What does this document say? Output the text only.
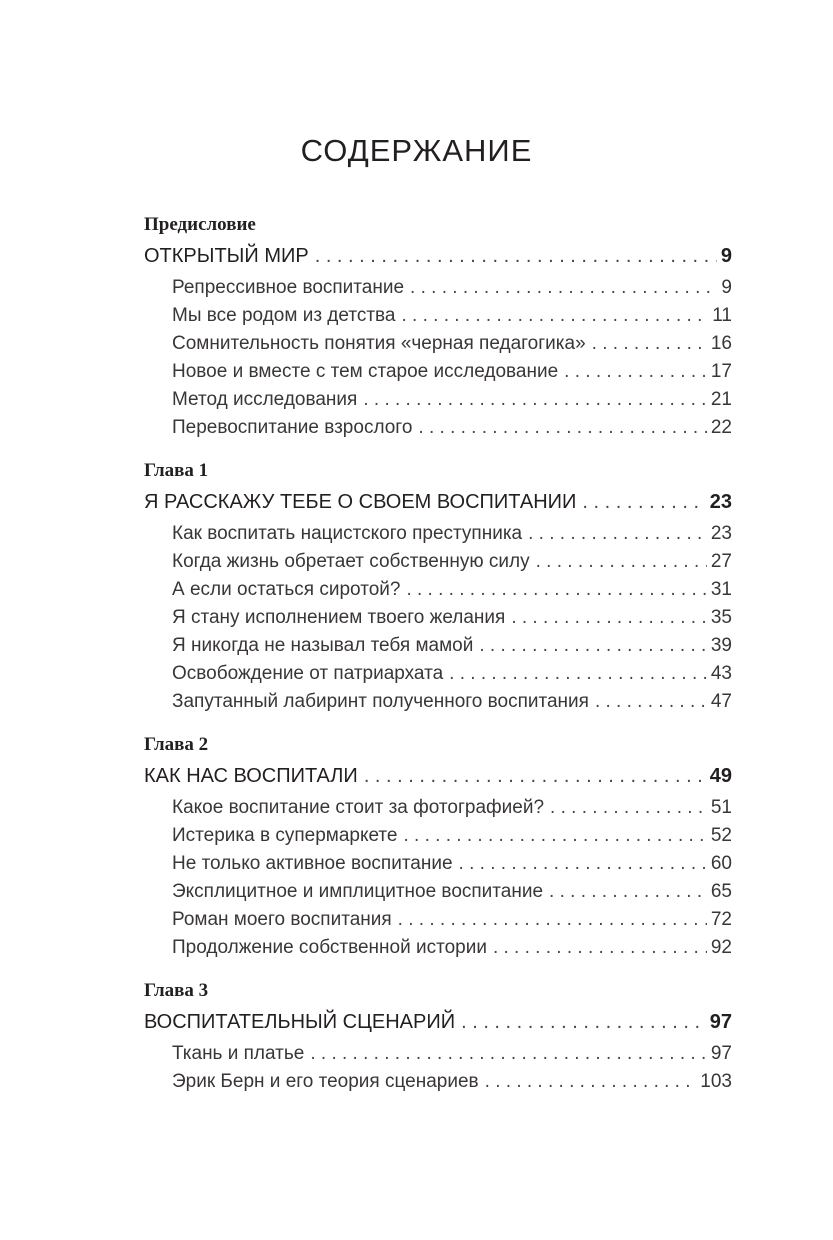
СОДЕРЖАНИЕ
Предисловие
ОТКРЫТЫЙ МИР . . .	9
Репрессивное воспитание . . .	9
Мы все родом из детства . . .	11
Сомнительность понятия «черная педагогика» . . .	16
Новое и вместе с тем старое исследование . . .	17
Метод исследования . . .	21
Перевоспитание взрослого . . .	22
Глава 1
Я РАССКАЖУ ТЕБЕ О СВОЕМ ВОСПИТАНИИ . . .	23
Как воспитать нацистского преступника . . .	23
Когда жизнь обретает собственную силу . . .	27
А если остаться сиротой? . . .	31
Я стану исполнением твоего желания . . .	35
Я никогда не называл тебя мамой . . .	39
Освобождение от патриархата . . .	43
Запутанный лабиринт полученного воспитания . . .	47
Глава 2
КАК НАС ВОСПИТАЛИ . . .	49
Какое воспитание стоит за фотографией? . . .	51
Истерика в супермаркете . . .	52
Не только активное воспитание . . .	60
Эксплицитное и имплицитное воспитание . . .	65
Роман моего воспитания . . .	72
Продолжение собственной истории . . .	92
Глава 3
ВОСПИТАТЕЛЬНЫЙ СЦЕНАРИЙ . . .	97
Ткань и платье . . .	97
Эрик Берн и его теория сценариев . . .	103
